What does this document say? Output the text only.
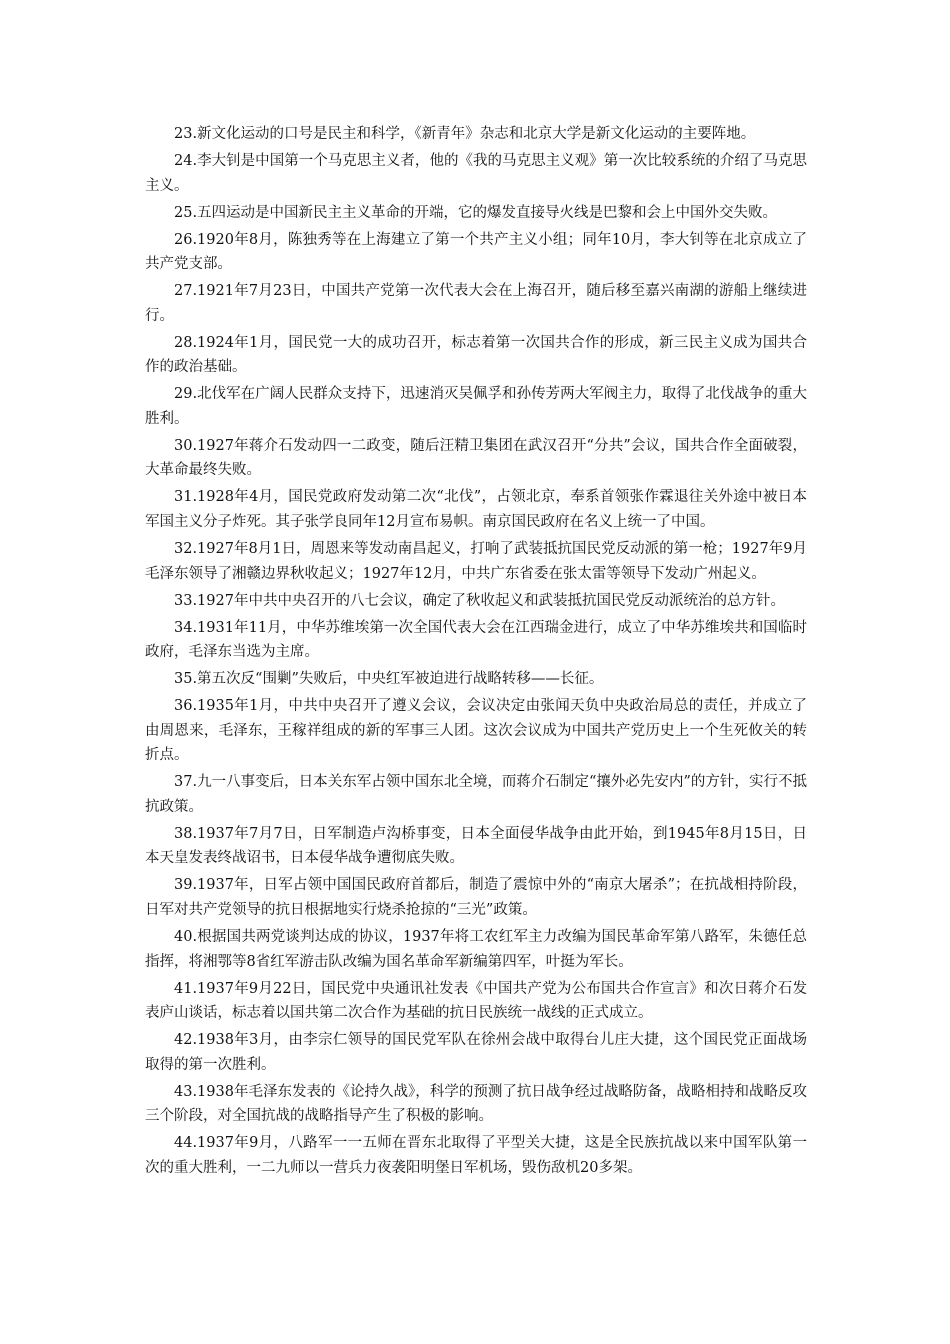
23.新文化运动的口号是民主和科学，《新青年》杂志和北京大学是新文化运动的主要阵地。

24.李大钊是中国第一个马克思主义者，他的《我的马克思主义观》第一次比较系统的介绍了马克思主义。

25.五四运动是中国新民主主义革命的开端，它的爆发直接导火线是巴黎和会上中国外交失败。

26.1920年8月，陈独秀等在上海建立了第一个共产主义小组；同年10月，李大钊等在北京成立了共产党支部。

27.1921年7月23日，中国共产党第一次代表大会在上海召开，随后移至嘉兴南湖的游船上继续进行。

28.1924年1月，国民党一大的成功召开，标志着第一次国共合作的形成，新三民主义成为国共合作的政治基础。

29.北伐军在广阔人民群众支持下，迅速消灭吴佩孚和孙传芳两大军阀主力，取得了北伐战争的重大胜利。

30.1927年蒋介石发动四一二政变，随后汪精卫集团在武汉召开“分共”会议，国共合作全面破裂，大革命最终失败。

31.1928年4月，国民党政府发动第二次“北伐”，占领北京，奉系首领张作霖退往关外途中被日本军国主义分子炸死。其子张学良同年12月宣布易帜。南京国民政府在名义上统一了中国。

32.1927年8月1日，周恩来等发动南昌起义，打响了武装抵抗国民党反动派的第一枪；1927年9月毛泽东领导了湘赣边界秋收起义；1927年12月，中共广东省委在张太雷等领导下发动广州起义。

33.1927年中共中央召开的八七会议，确定了秋收起义和武装抵抗国民党反动派统治的总方针。

34.1931年11月，中华苏维埃第一次全国代表大会在江西瑞金进行，成立了中华苏维埃共和国临时政府，毛泽东当选为主席。

35.第五次反“围剿”失败后，中央红军被迫进行战略转移——长征。

36.1935年1月，中共中央召开了遵义会议，会议决定由张闻天负中央政治局总的责任，并成立了由周恩来，毛泽东，王稼祥组成的新的军事三人团。这次会议成为中国共产党历史上一个生死攸关的转折点。

37.九一八事变后，日本关东军占领中国东北全境，而蒋介石制定“攘外必先安内”的方针，实行不抵抗政策。

38.1937年7月7日，日军制造卢沟桥事变，日本全面侵华战争由此开始，到1945年8月15日，日本天皇发表终战诏书，日本侵华战争遭彻底失败。

39.1937年，日军占领中国国民政府首都后，制造了震惊中外的“南京大屠杀”；在抗战相持阶段，日军对共产党领导的抗日根据地实行烧杀抢掠的“三光”政策。

40.根据国共两党谈判达成的协议，1937年将工农红军主力改编为国民革命军第八路军，朱德任总指挥，将湘鄂等8省红军游击队改编为国名革命军新编第四军，叶挺为军长。

41.1937年9月22日，国民党中央通讯社发表《中国共产党为公布国共合作宣言》和次日蒋介石发表庐山谈话，标志着以国共第二次合作为基础的抗日民族统一战线的正式成立。

42.1938年3月，由李宗仁领导的国民党军队在徐州会战中取得台儿庄大捷，这个国民党正面战场取得的第一次胜利。

43.1938年毛泽东发表的《论持久战》，科学的预测了抗日战争经过战略防备，战略相持和战略反攻三个阶段，对全国抗战的战略指导产生了积极的影响。

44.1937年9月，八路军一一五师在晋东北取得了平型关大捷，这是全民族抗战以来中国军队第一次的重大胜利，一二九师以一营兵力夜袭阳明堡日军机场，毁伤敌机20多架。
